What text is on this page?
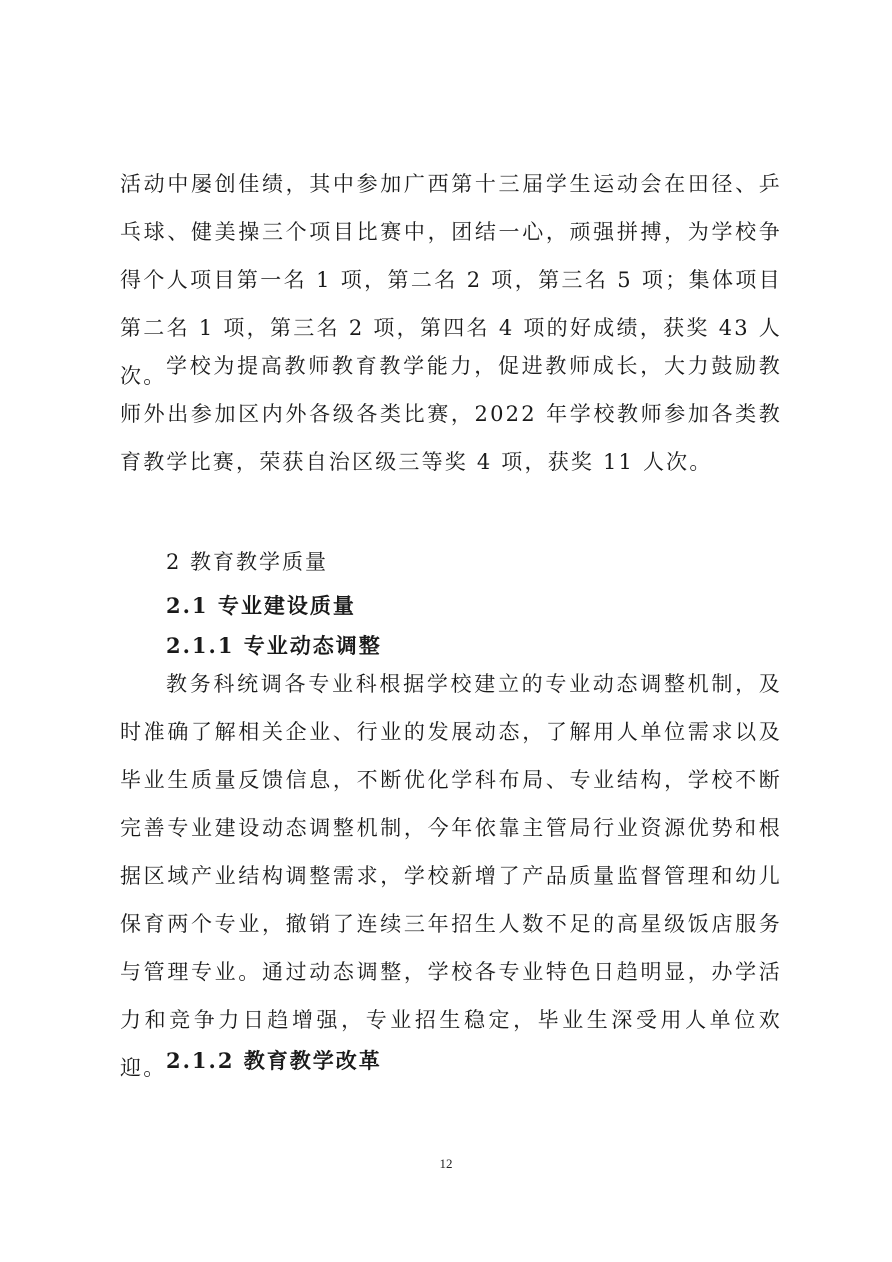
活动中屡创佳绩，其中参加广西第十三届学生运动会在田径、乒乓球、健美操三个项目比赛中，团结一心，顽强拼搏，为学校争得个人项目第一名 1 项，第二名 2 项，第三名 5 项；集体项目第二名 1 项，第三名 2 项，第四名 4 项的好成绩，获奖 43 人次。 学校为提高教师教育教学能力，促进教师成长，大力鼓励教师外出参加区内外各级各类比赛，2022 年学校教师参加各类教育教学比赛，荣获自治区级三等奖 4 项，获奖 11 人次。

2 教育教学质量
2.1 专业建设质量
2.1.1 专业动态调整

教务科统调各专业科根据学校建立的专业动态调整机制，及时准确了解相关企业、行业的发展动态，了解用人单位需求以及毕业生质量反馈信息，不断优化学科布局、专业结构，学校不断完善专业建设动态调整机制，今年依靠主管局行业资源优势和根据区域产业结构调整需求，学校新增了产品质量监督管理和幼儿保育两个专业，撤销了连续三年招生人数不足的高星级饭店服务与管理专业。通过动态调整，学校各专业特色日趋明显，办学活力和竞争力日趋增强，专业招生稳定，毕业生深受用人单位欢迎。 2.1.2 教育教学改革
12
